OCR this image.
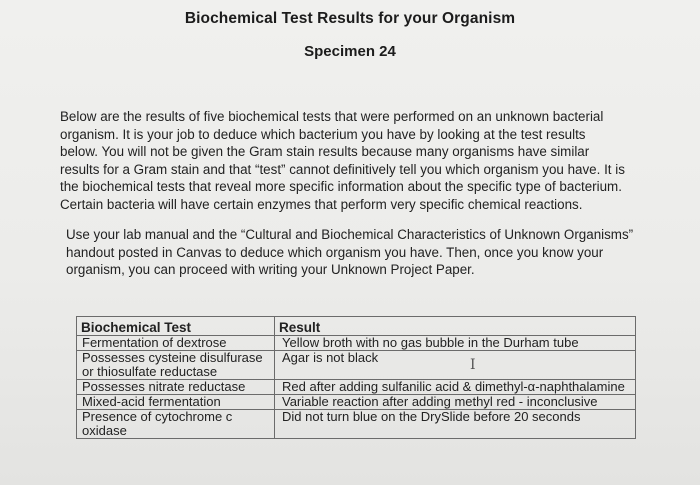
Biochemical Test Results for your Organism
Specimen 24
Below are the results of five biochemical tests that were performed on an unknown bacterial
organism. It is your job to deduce which bacterium you have by looking at the test results
below. You will not be given the Gram stain results because many organisms have similar
results for a Gram stain and that “test” cannot definitively tell you which organism you have. It is
the biochemical tests that reveal more specific information about the specific type of bacterium.
Certain bacteria will have certain enzymes that perform very specific chemical reactions.
Use your lab manual and the “Cultural and Biochemical Characteristics of Unknown Organisms”
handout posted in Canvas to deduce which organism you have. Then, once you know your
organism, you can proceed with writing your Unknown Project Paper.
Biochemical Test	Result

Fermentation of dextrose	Yellow broth with no gas bubble in the Durham tube

Possesses cysteine disulfurase
or thiosulfate reductase	Agar is not black

Possesses nitrate reductase	Red after adding sulfanilic acid & dimethyl-α-naphthalamine

Mixed-acid fermentation	Variable reaction after adding methyl red - inconclusive

Presence of cytochrome c
oxidase	Did not turn blue on the DrySlide before 20 seconds
I
